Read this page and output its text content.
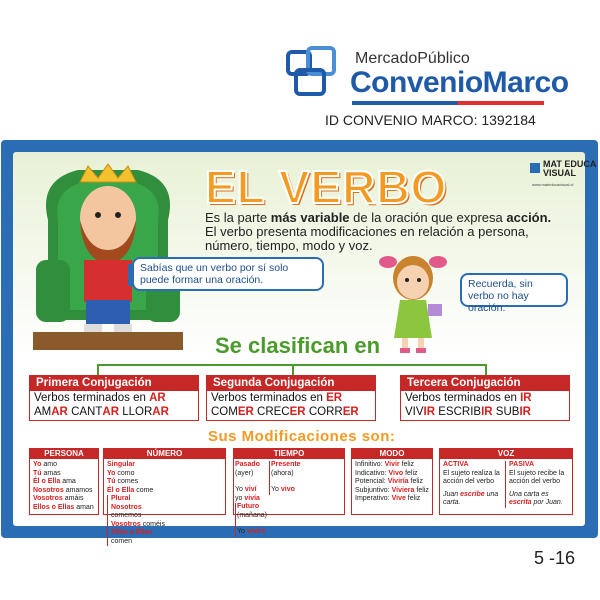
MercadoPúblico
ConvenioMarco
ID CONVENIO MARCO: 1392184
EL VERBO	MAT EDUCA VISUAL
www.mateducavisual.cl
Es la parte más variable de la oración que expresa acción.
El verbo presenta modificaciones en relación a persona, número, tiempo, modo y voz.
Sabías que un verbo por sí solo puede formar una oración.	Recuerda, sin verbo no hay oración.
Se clasifican en
Primera Conjugación
Verbos terminados en AR
AMAR CANTAR LLORAR
Segunda Conjugación
Verbos terminados en ER
COMER CRECER CORRER
Tercera Conjugación
Verbos terminados en IR
VIVIR ESCRIBIR SUBIR
Sus Modificaciones son:
PERSONA
Yo amo
Tú amas
Él o Ella ama
Nosotros amamos
Vosotros amáis
Ellos o Ellas aman
NÚMERO
Singular
Yo como
Tú comes
Él o Ella come
Plural
Nosotros comemos
Vosotros coméis
Ellos o Ellas comen
TIEMPO
Pasado
(ayer)
Yo viví
yo vivía
Presente
(ahora)
Yo vivo
Futuro
(mañana)
Yo viviré
MODO
Infinitivo: Vivir feliz
Indicativo: Vivo feliz
Potencial: Viviría feliz
Subjuntivo: Viviera feliz
Imperativo: Vive feliz
VOZ
ACTIVA
El sujeto realiza la acción del verbo
Juan escribe una carta.
PASIVA
El sujeto recibe la acción del verbo
Una carta es escrita por Juan.
5 -16
